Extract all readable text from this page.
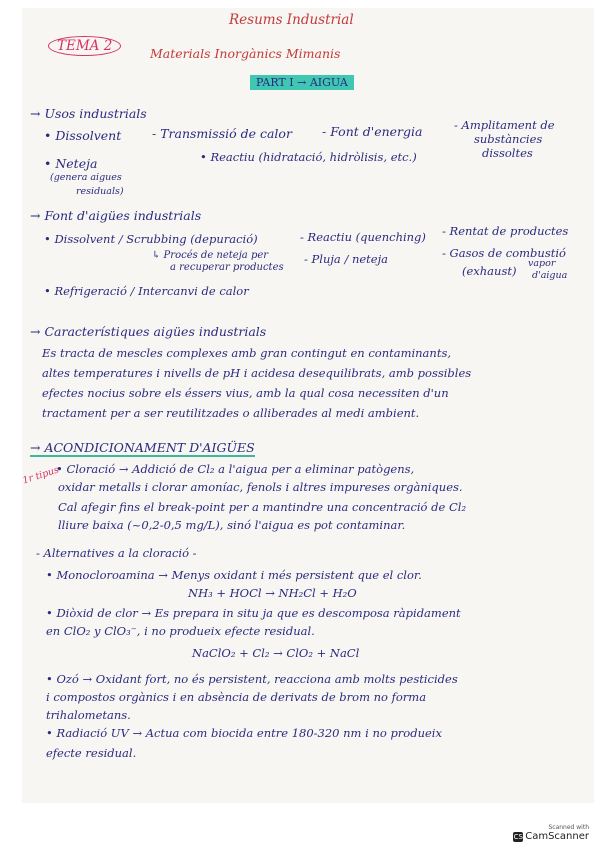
Resums Industrial
TEMA 2	Materials Inorgànics Mimanis
PART I → AIGUA
→ Usos industrials
• Dissolvent - Transmissió de calor - Font d'energia	- Amplitament de
substàncies
dissoltes
• Neteja
(genera aigues
residuals)
• Reactiu (hidratació, hidròlisis, etc.)
→ Font d'aigües industrials
• Dissolvent / Scrubbing (depuració)
↳ Procés de neteja per
a recuperar productes
- Reactiu (quenching) - Rentat de productes
- Pluja / neteja	- Gasos de combustió
(exhaust)
vapor
d'aigua
• Refrigeració / Intercanvi de calor
→ Característiques aigües industrials
Es tracta de mescles complexes amb gran contingut en contaminants,
altes temperatures i nivells de pH i acidesa desequilibrats, amb possibles
efectes nocius sobre els éssers vius, amb la qual cosa necessiten d'un
tractament per a ser reutilitzades o alliberades al medi ambient.
→ ACONDICIONAMENT D'AIGÜES
1r tipus
• Cloració → Addició de Cl₂ a l'aigua per a eliminar patògens,
oxidar metalls i clorar amoníac, fenols i altres impureses orgàniques.
Cal afegir fins el break-point per a mantindre una concentració de Cl₂
lliure baixa (~0,2-0,5 mg/L), sinó l'aigua es pot contaminar.
- Alternatives a la cloració -
• Monocloroamina → Menys oxidant i més persistent que el clor.
NH₃ + HOCl → NH₂Cl + H₂O
• Diòxid de clor → Es prepara in situ ja que es descomposa ràpidament
en ClO₂ y ClO₃⁻, i no produeix efecte residual.
NaClO₂ + Cl₂ → ClO₂ + NaCl
• Ozó → Oxidant fort, no és persistent, reacciona amb molts pesticides
i compostos orgànics i en absència de derivats de brom no forma
trihalometans.
• Radiació UV → Actua com biocida entre 180-320 nm i no produeix
efecte residual.
Scanned with
CS CamScanner
